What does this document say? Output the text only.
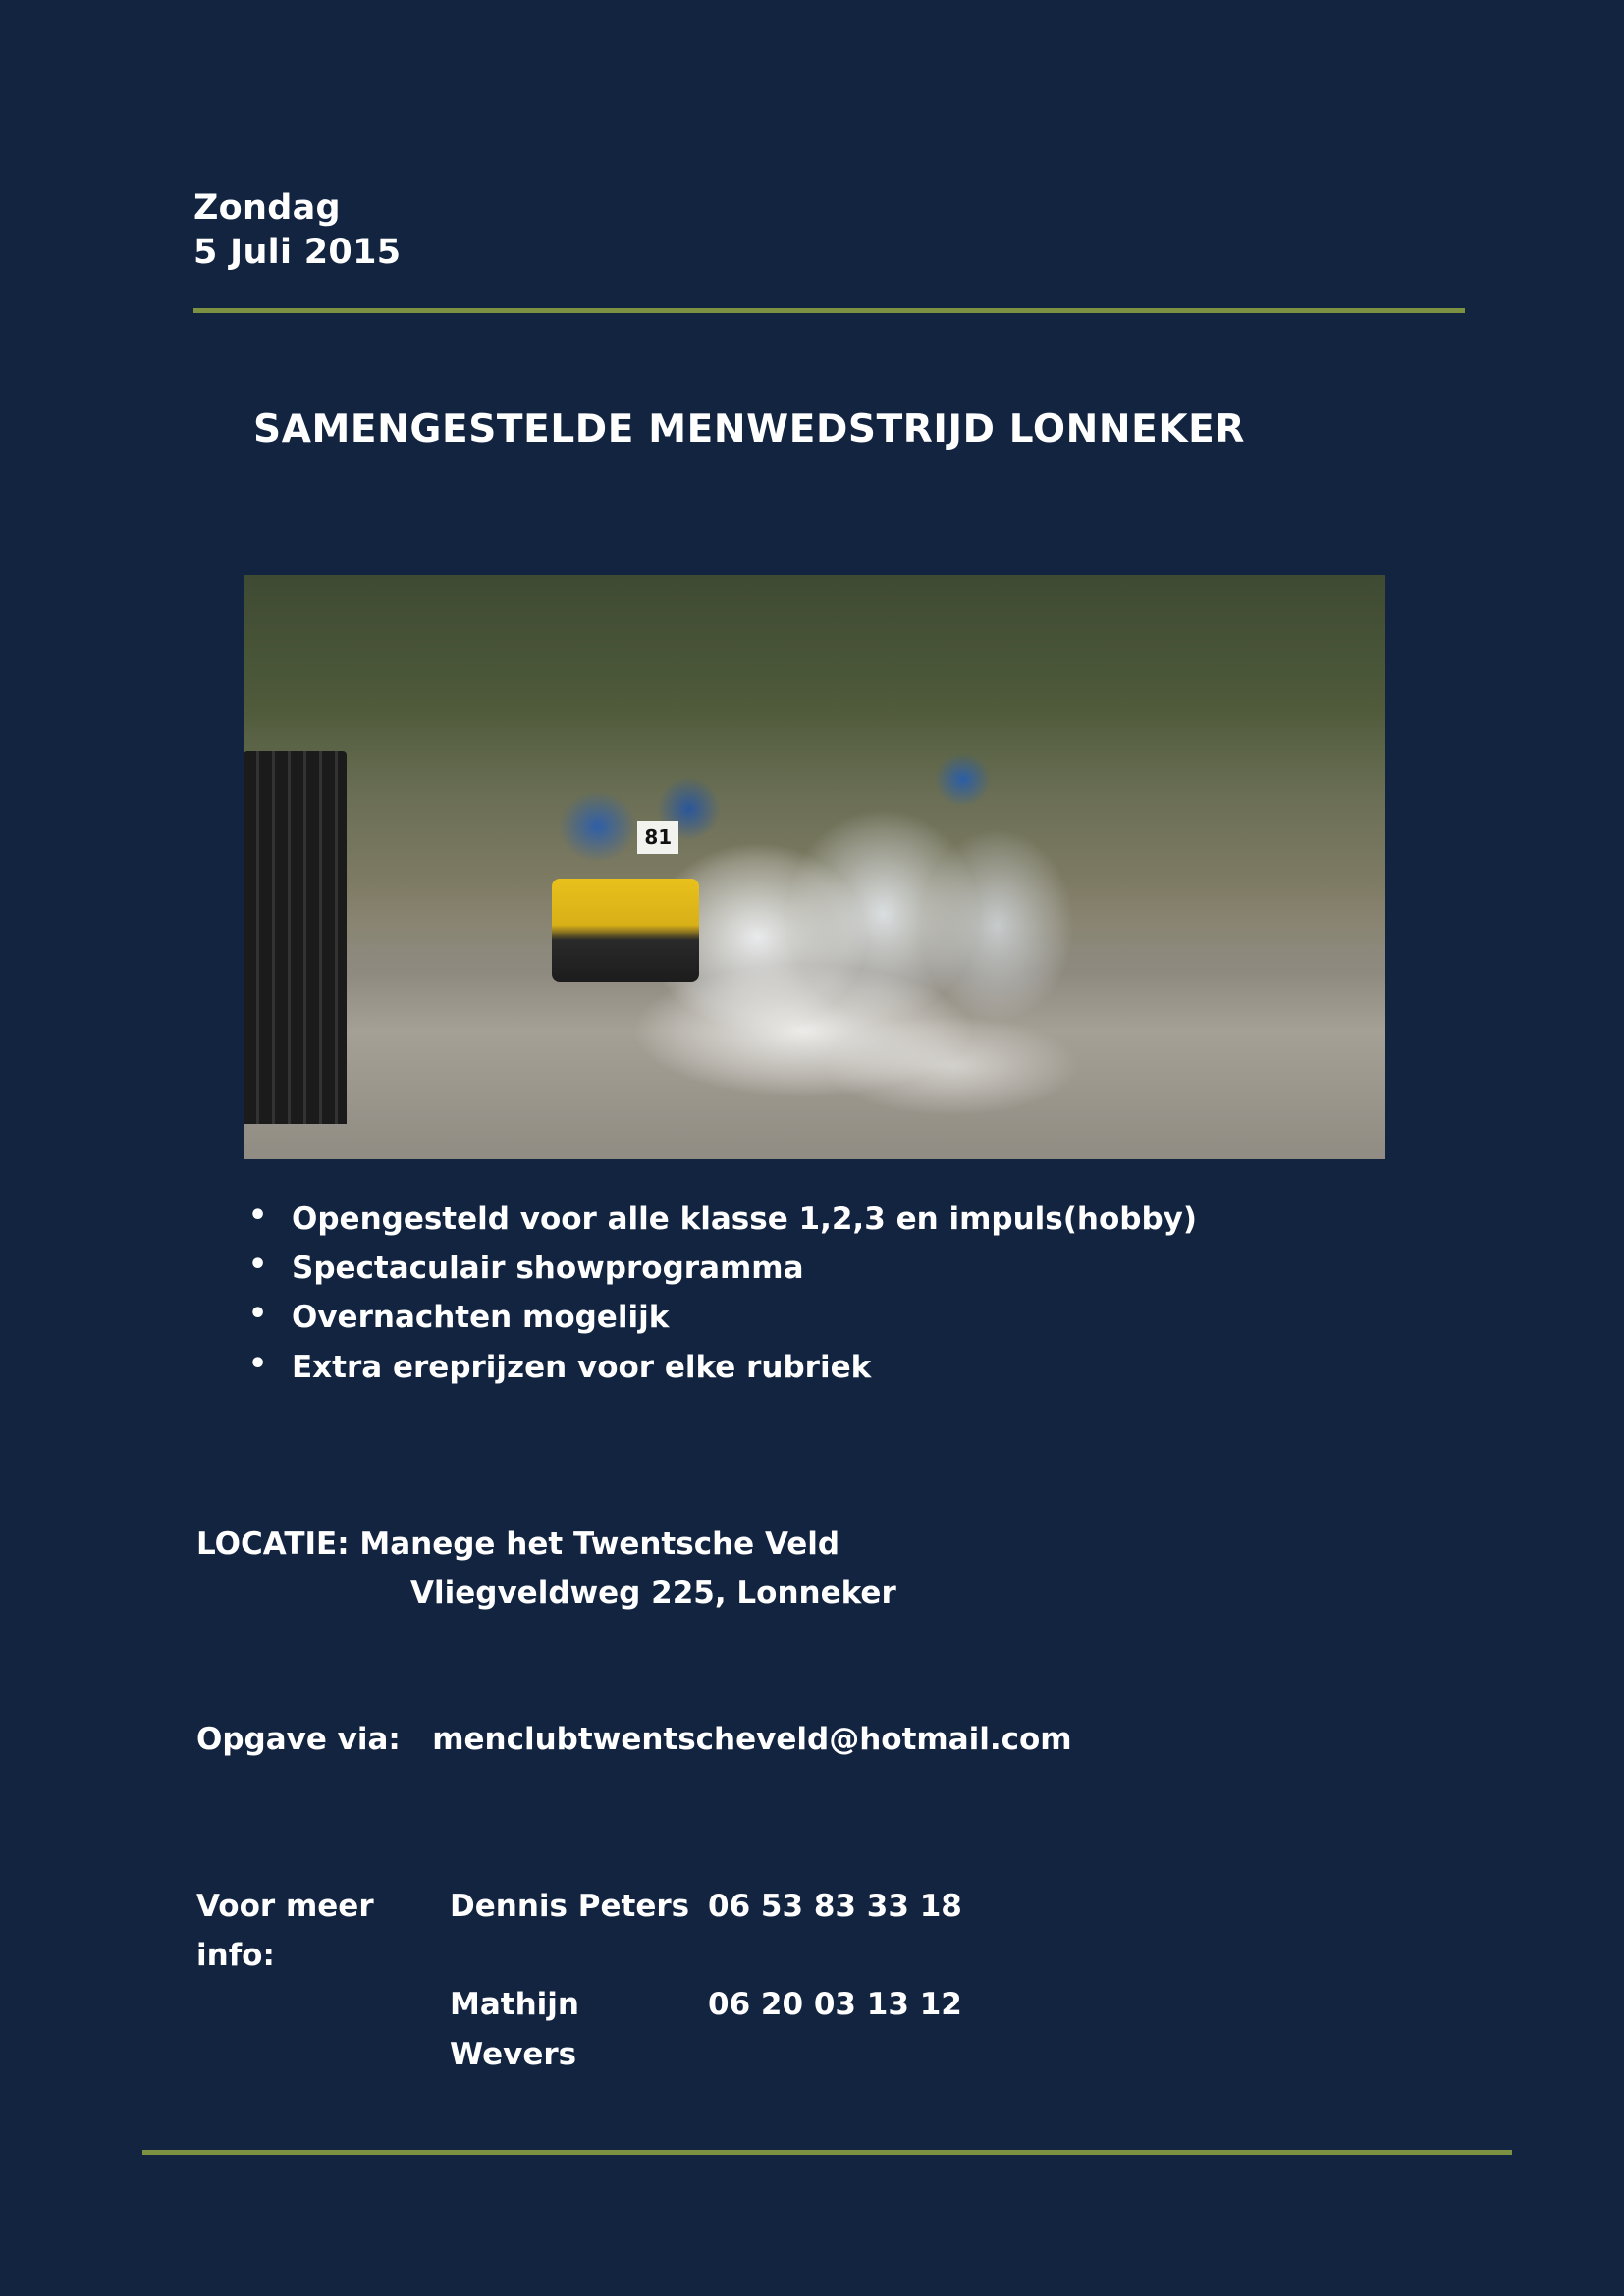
Zondag
5 Juli 2015
SAMENGESTELDE MENWEDSTRIJD LONNEKER
81
• Opengesteld voor alle klasse 1,2,3 en impuls(hobby)
• Spectaculair showprogramma
• Overnachten mogelijk
• Extra ereprijzen voor elke rubriek
LOCATIE: Manege het Twentsche Veld
Vliegveldweg 225, Lonneker
Opgave via:   menclubtwentscheveld@hotmail.com
Voor meer info:
Dennis Peters 06 53 83 33 18
Mathijn Wevers
06 20 03 13 12
